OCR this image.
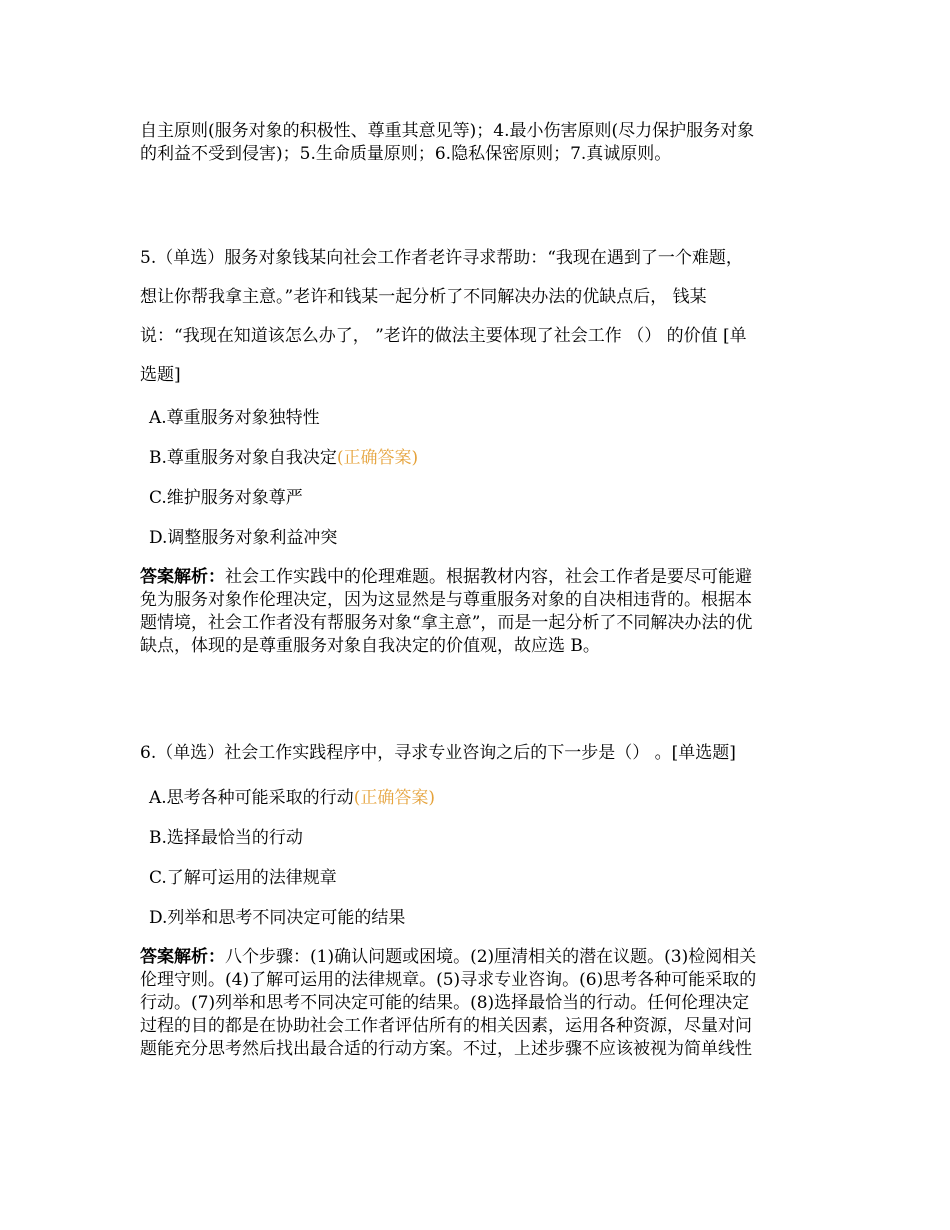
自主原则(服务对象的积极性、尊重其意见等)；4.最小伤害原则(尽力保护服务对象

的利益不受到侵害)；5.生命质量原则；6.隐私保密原则；7.真诚原则。

5.（单选）服务对象钱某向社会工作者老许寻求帮助：“我现在遇到了一个难题，

想让你帮我拿主意。”老许和钱某一起分析了不同解决办法的优缺点后， 钱某

说：“我现在知道该怎么办了， ”老许的做法主要体现了社会工作 （） 的价值 [单

选题]

A.尊重服务对象独特性

B.尊重服务对象自我决定(正确答案)

C.维护服务对象尊严

D.调整服务对象利益冲突

答案解析：社会工作实践中的伦理难题。根据教材内容，社会工作者是要尽可能避

免为服务对象作伦理决定，因为这显然是与尊重服务对象的自决相违背的。根据本

题情境，社会工作者没有帮服务对象“拿主意”，而是一起分析了不同解决办法的优

缺点，体现的是尊重服务对象自我决定的价值观，故应选 B。

6.（单选）社会工作实践程序中，寻求专业咨询之后的下一步是（） 。[单选题]

A.思考各种可能采取的行动(正确答案)

B.选择最恰当的行动

C.了解可运用的法律规章

D.列举和思考不同决定可能的结果

答案解析：八个步骤：(1)确认问题或困境。(2)厘清相关的潜在议题。(3)检阅相关

伦理守则。(4)了解可运用的法律规章。(5)寻求专业咨询。(6)思考各种可能采取的

行动。(7)列举和思考不同决定可能的结果。(8)选择最恰当的行动。任何伦理决定

过程的目的都是在协助社会工作者评估所有的相关因素，运用各种资源，尽量对问

题能充分思考然后找出最合适的行动方案。不过，上述步骤不应该被视为简单线性
